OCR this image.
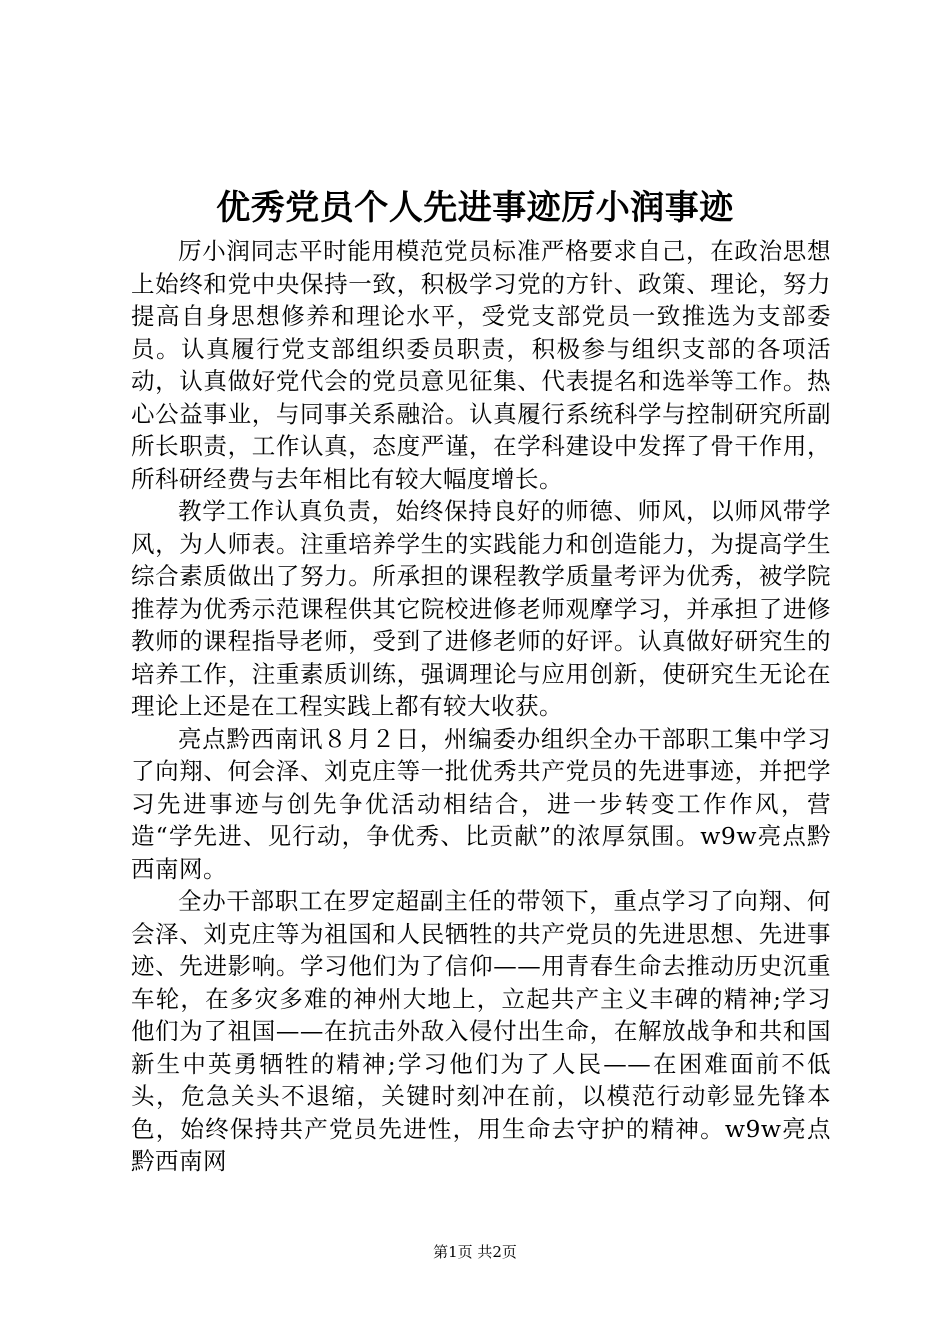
优秀党员个人先进事迹厉小润事迹

厉小润同志平时能用模范党员标准严格要求自己，在政治思想上始终和党中央保持一致，积极学习党的方针、政策、理论，努力提高自身思想修养和理论水平，受党支部党员一致推选为支部委员。认真履行党支部组织委员职责，积极参与组织支部的各项活动，认真做好党代会的党员意见征集、代表提名和选举等工作。热心公益事业，与同事关系融洽。认真履行系统科学与控制研究所副所长职责，工作认真，态度严谨，在学科建设中发挥了骨干作用，所科研经费与去年相比有较大幅度增长。

教学工作认真负责，始终保持良好的师德、师风，以师风带学风，为人师表。注重培养学生的实践能力和创造能力，为提高学生综合素质做出了努力。所承担的课程教学质量考评为优秀，被学院推荐为优秀示范课程供其它院校进修老师观摩学习，并承担了进修教师的课程指导老师，受到了进修老师的好评。认真做好研究生的培养工作，注重素质训练，强调理论与应用创新，使研究生无论在理论上还是在工程实践上都有较大收获。

亮点黔西南讯８月２日，州编委办组织全办干部职工集中学习了向翔、何会泽、刘克庄等一批优秀共产党员的先进事迹，并把学习先进事迹与创先争优活动相结合，进一步转变工作作风，营造“学先进、见行动，争优秀、比贡献”的浓厚氛围。w9w亮点黔西南网。

全办干部职工在罗定超副主任的带领下，重点学习了向翔、何会泽、刘克庄等为祖国和人民牺牲的共产党员的先进思想、先进事迹、先进影响。学习他们为了信仰——用青春生命去推动历史沉重车轮，在多灾多难的神州大地上，立起共产主义丰碑的精神;学习他们为了祖国——在抗击外敌入侵付出生命，在解放战争和共和国新生中英勇牺牲的精神;学习他们为了人民——在困难面前不低头，危急关头不退缩，关键时刻冲在前，以模范行动彰显先锋本色，始终保持共产党员先进性，用生命去守护的精神。w9w亮点黔西南网

第1页 共2页
